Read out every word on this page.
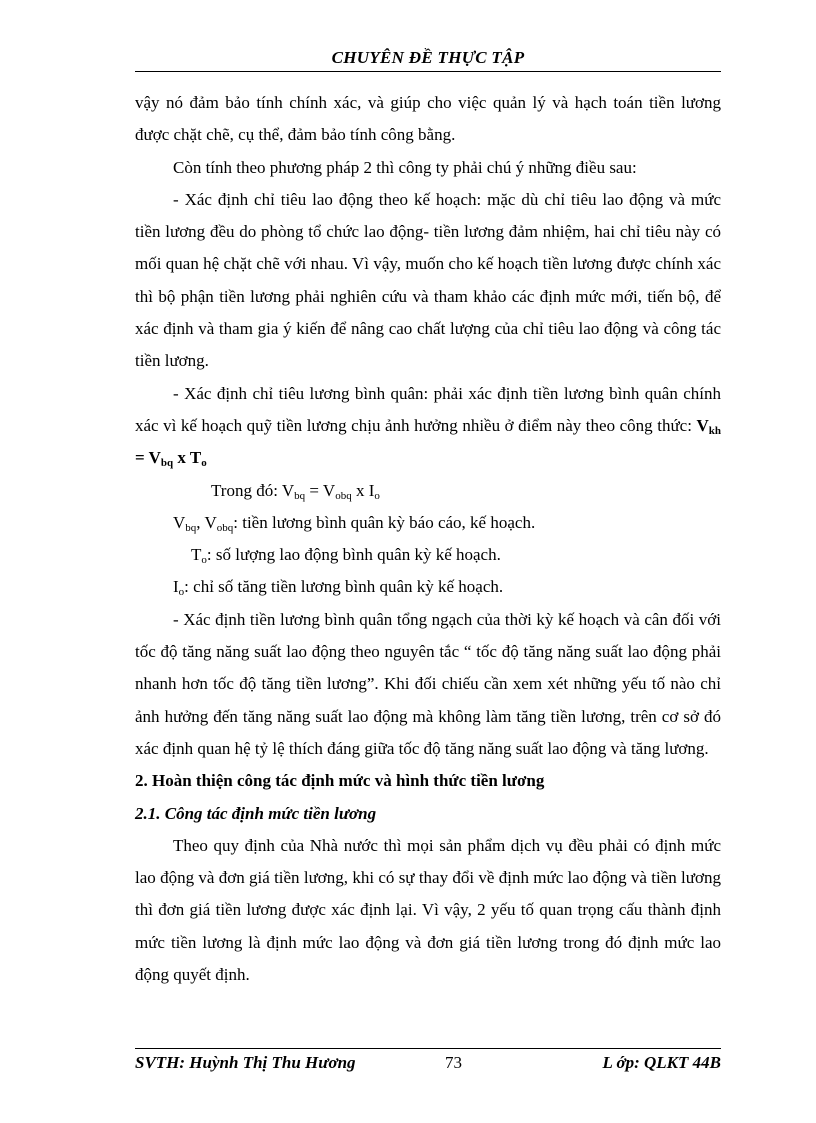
CHUYÊN ĐỀ THỰC TẬP

vậy nó đảm bảo tính chính xác, và giúp cho việc quản lý và hạch toán tiền lương được chặt chẽ, cụ thể, đảm bảo tính công bằng.

Còn tính theo phương pháp 2 thì công ty phải chú ý những điều sau:

- Xác định chỉ tiêu lao động theo kế hoạch: mặc dù chỉ tiêu lao động và mức tiền lương đều do phòng tổ chức lao động- tiền lương đảm nhiệm, hai chỉ tiêu này có mối quan hệ chặt chẽ với nhau. Vì vậy, muốn cho kế hoạch tiền lương được chính xác thì bộ phận tiền lương phải nghiên cứu và tham khảo các định mức mới, tiến bộ, để xác định và tham gia ý kiến để nâng cao chất lượng của chỉ tiêu lao động và công tác tiền lương.

- Xác định chỉ tiêu lương bình quân: phải xác định tiền lương bình quân chính xác vì kế hoạch quỹ tiền lương chịu ảnh hưởng nhiều ở điểm này theo công thức: $V_{kh} = V_{bq}$ x $T_o$

Trong đó: $V_{bq} = V_{obq}$ x $I_o$

$V_{bq}$, $V_{obq}$: tiền lương bình quân kỳ báo cáo, kế hoạch.

$T_o$: số lượng lao động bình quân kỳ kế hoạch.

$I_o$: chỉ số tăng tiền lương bình quân kỳ kế hoạch.

- Xác định tiền lương bình quân tổng ngạch của thời kỳ kế hoạch và cân đối với tốc độ tăng năng suất lao động theo nguyên tắc “ tốc độ tăng năng suất lao động phải nhanh hơn tốc độ tăng tiền lương”. Khi đối chiếu cần xem xét những yếu tố nào chỉ ảnh hưởng đến tăng năng suất lao động mà không làm tăng tiền lương, trên cơ sở đó xác định quan hệ tỷ lệ thích đáng giữa tốc độ tăng năng suất lao động và tăng lương.

2. Hoàn thiện công tác định mức và hình thức tiền lương

2.1. Công tác định mức tiền lương

Theo quy định của Nhà nước thì mọi sản phẩm dịch vụ đều phải có định mức lao động và đơn giá tiền lương, khi có sự thay đổi về định mức lao động và tiền lương thì đơn giá tiền lương được xác định lại. Vì vậy, 2 yếu tố quan trọng cấu thành định mức tiền lương là định mức lao động và đơn giá tiền lương trong đó định mức lao động quyết định.

SVTH: Huỳnh Thị Thu Hương	73	L ớp: QLKT 44B
